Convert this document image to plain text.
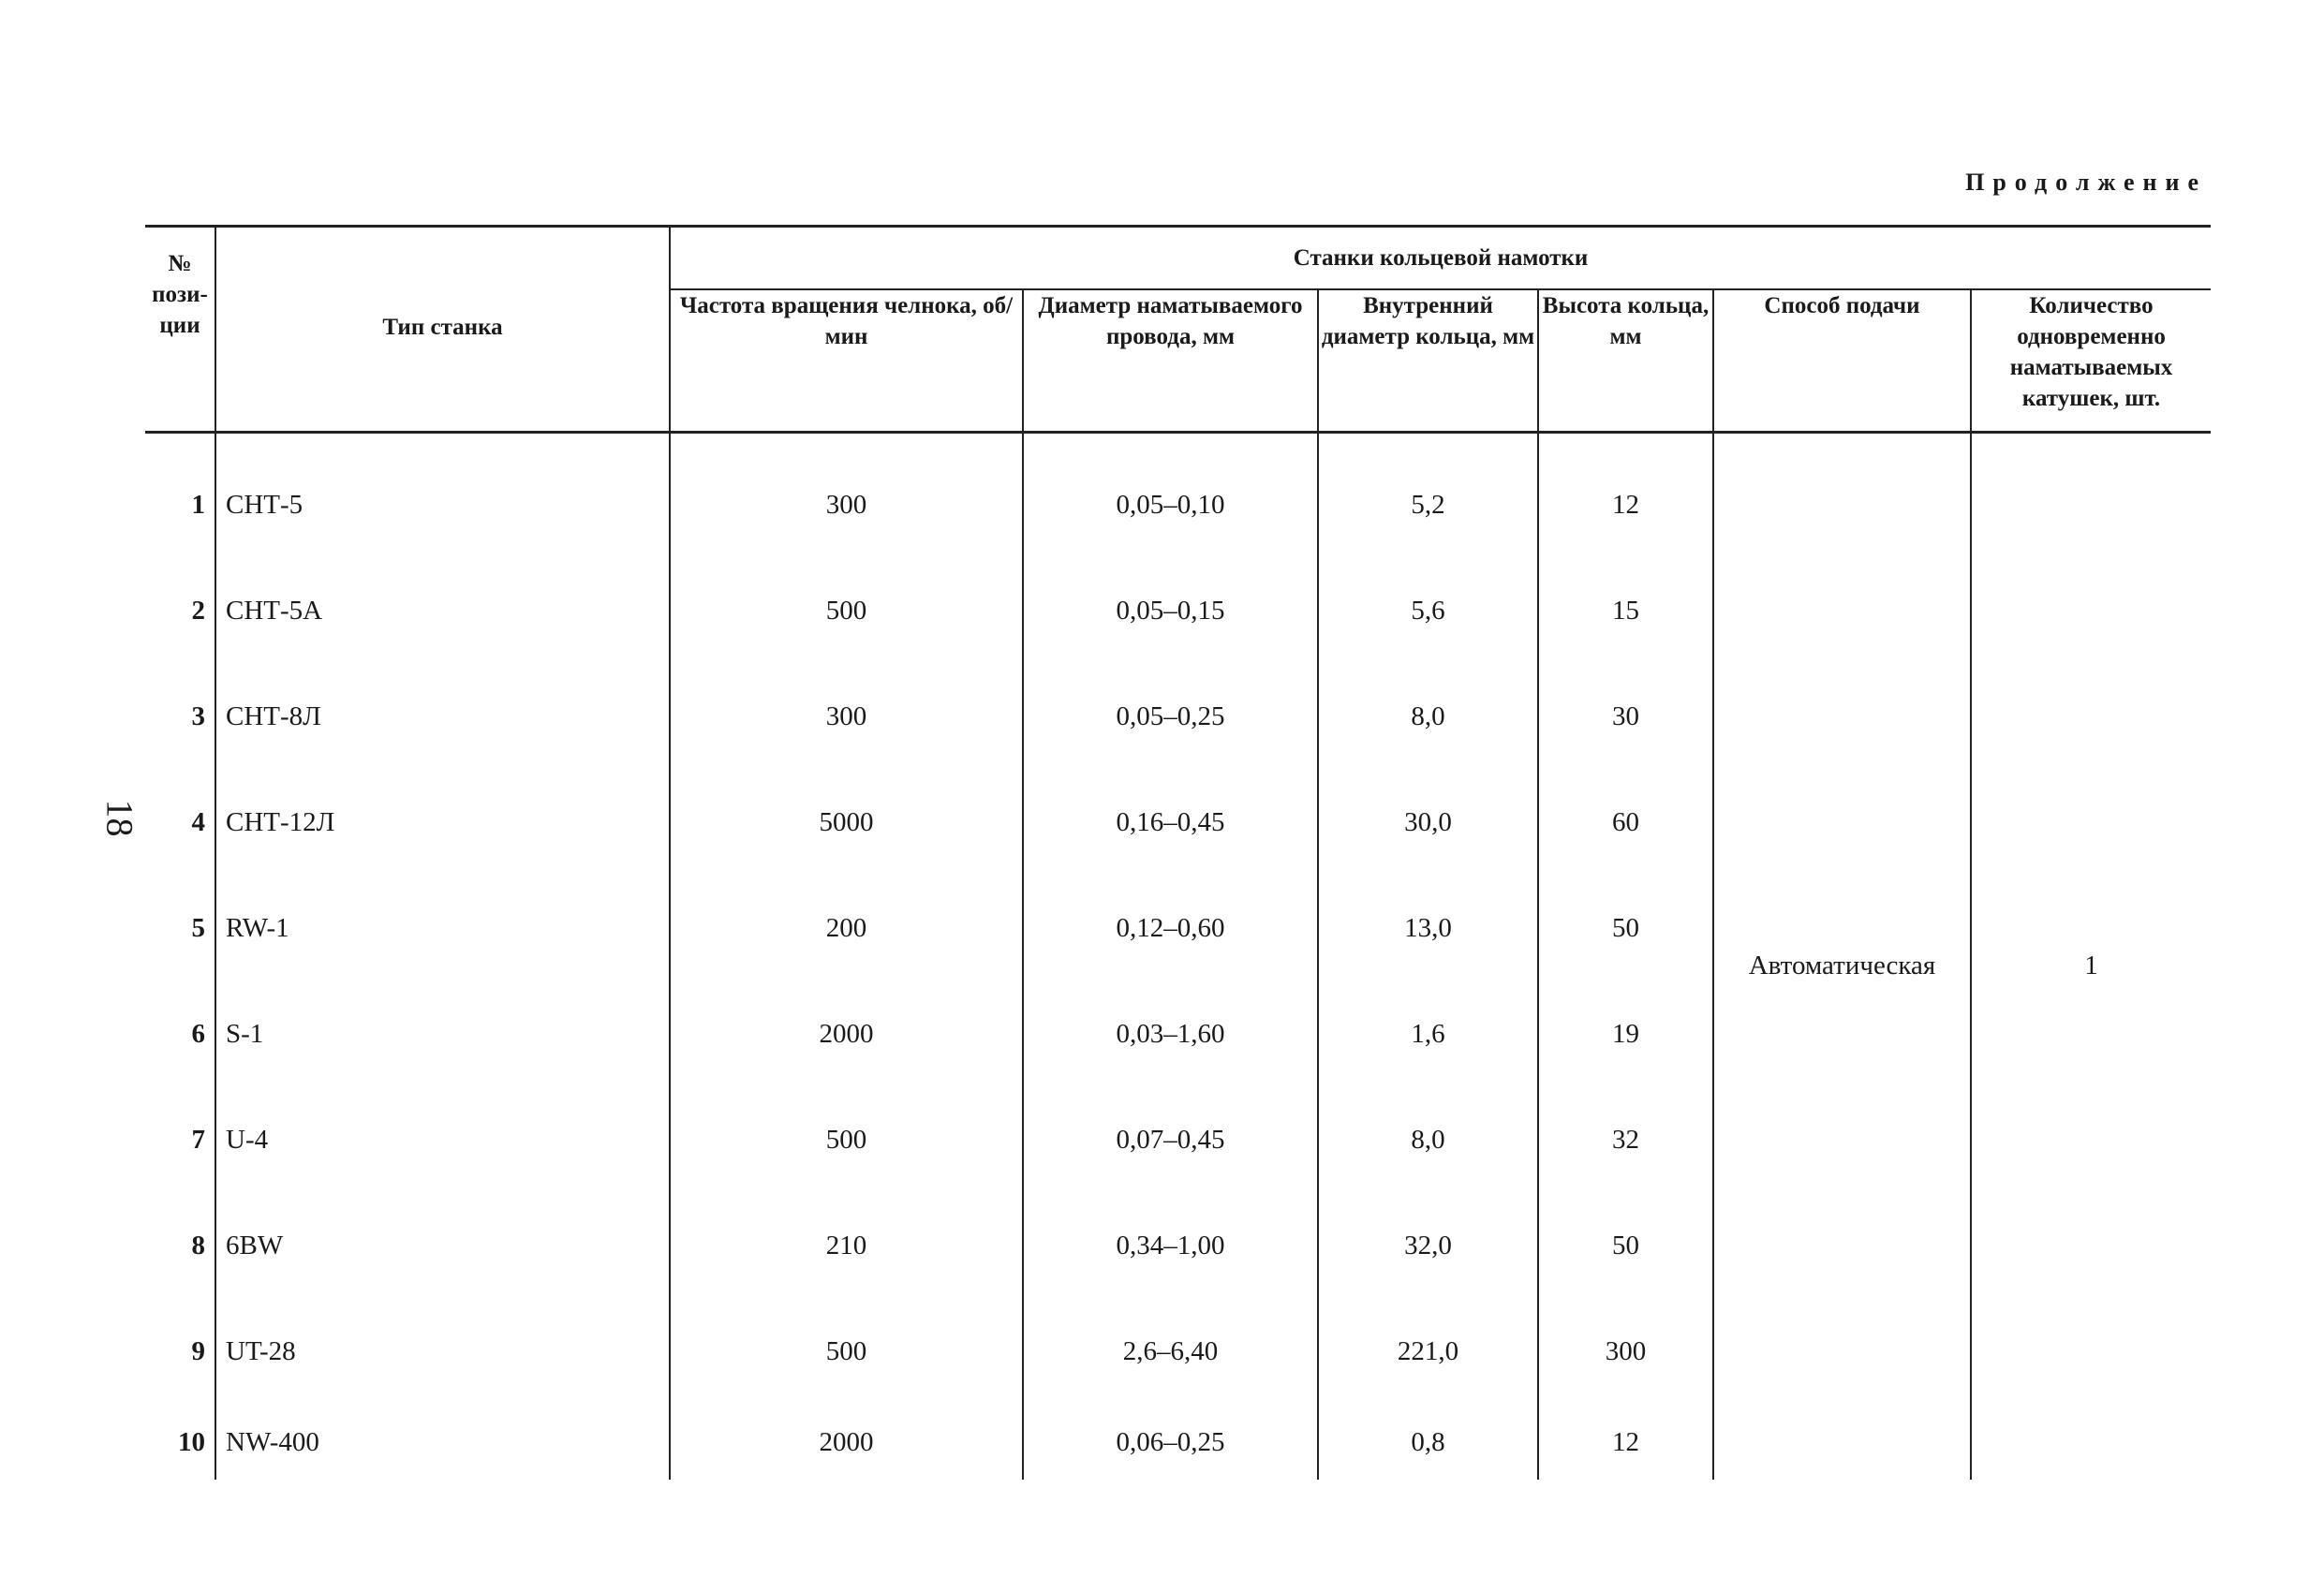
Продолжение
18
№ пози-ции	Тип станка	Станки кольцевой намотки					
		Частота вращения челнока, об/мин	Диаметр наматываемого провода, мм	Внутренний диаметр кольца, мм	Высота кольца, мм	Способ подачи	Количество одновременно наматываемых катушек, шт.
1	СНТ-5	300	0,05–0,10	5,2	12	Автоматическая	1
2	СНТ-5А	500	0,05–0,15	5,6	15		
3	СНТ-8Л	300	0,05–0,25	8,0	30		
4	СНТ-12Л	5000	0,16–0,45	30,0	60		
5	RW-1	200	0,12–0,60	13,0	50		
6	S-1	2000	0,03–1,60	1,6	19		
7	U-4	500	0,07–0,45	8,0	32		
8	6BW	210	0,34–1,00	32,0	50		
9	UT-28	500	2,6–6,40	221,0	300		
10	NW-400	2000	0,06–0,25	0,8	12		
